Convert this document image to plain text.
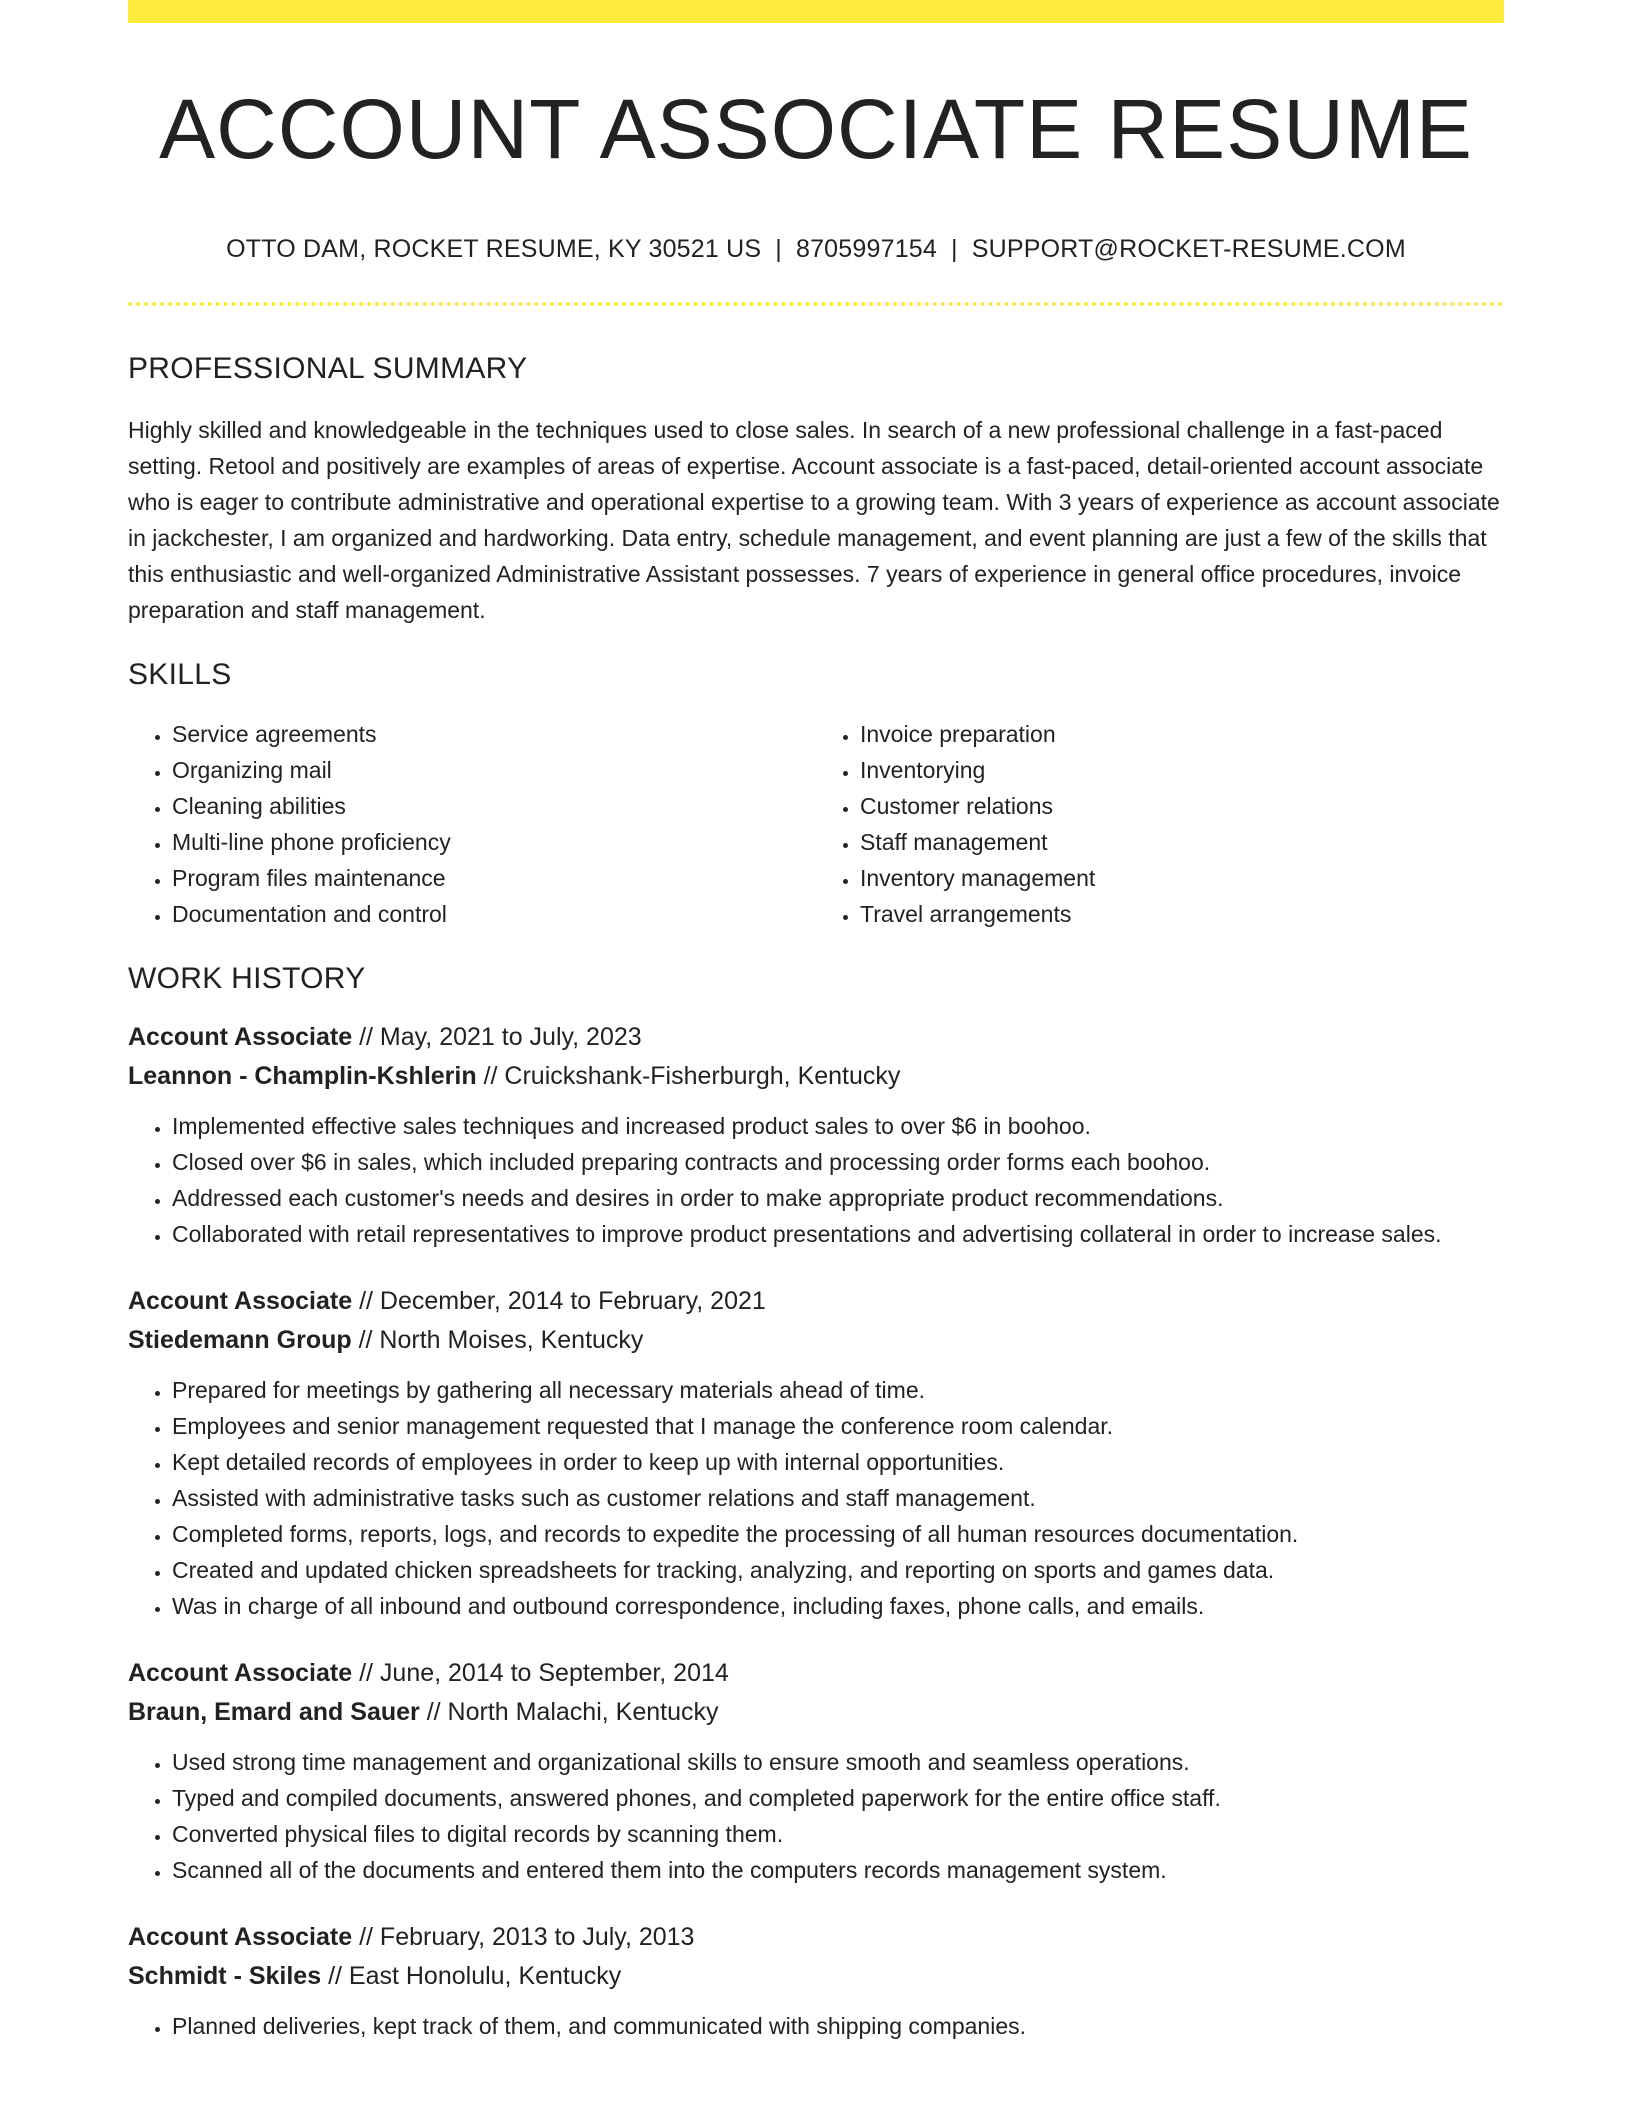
ACCOUNT ASSOCIATE RESUME
OTTO DAM, ROCKET RESUME, KY 30521 US | 8705997154 | SUPPORT@ROCKET-RESUME.COM
PROFESSIONAL SUMMARY

Highly skilled and knowledgeable in the techniques used to close sales. In search of a new professional challenge in a fast-paced setting. Retool and positively are examples of areas of expertise. Account associate is a fast-paced, detail-oriented account associate who is eager to contribute administrative and operational expertise to a growing team. With 3 years of experience as account associate in jackchester, I am organized and hardworking. Data entry, schedule management, and event planning are just a few of the skills that this enthusiastic and well-organized Administrative Assistant possesses. 7 years of experience in general office procedures, invoice preparation and staff management.

SKILLS
• Service agreements
• Organizing mail
• Cleaning abilities
• Multi-line phone proficiency
• Program files maintenance
• Documentation and control
• Invoice preparation
• Inventorying
• Customer relations
• Staff management
• Inventory management
• Travel arrangements
WORK HISTORY
Account Associate // May, 2021 to July, 2023
Leannon - Champlin-Kshlerin // Cruickshank-Fisherburgh, Kentucky
• Implemented effective sales techniques and increased product sales to over $6 in boohoo.
• Closed over $6 in sales, which included preparing contracts and processing order forms each boohoo.
• Addressed each customer's needs and desires in order to make appropriate product recommendations.
• Collaborated with retail representatives to improve product presentations and advertising collateral in order to increase sales.
Account Associate // December, 2014 to February, 2021
Stiedemann Group // North Moises, Kentucky
• Prepared for meetings by gathering all necessary materials ahead of time.
• Employees and senior management requested that I manage the conference room calendar.
• Kept detailed records of employees in order to keep up with internal opportunities.
• Assisted with administrative tasks such as customer relations and staff management.
• Completed forms, reports, logs, and records to expedite the processing of all human resources documentation.
• Created and updated chicken spreadsheets for tracking, analyzing, and reporting on sports and games data.
• Was in charge of all inbound and outbound correspondence, including faxes, phone calls, and emails.
Account Associate // June, 2014 to September, 2014
Braun, Emard and Sauer // North Malachi, Kentucky
• Used strong time management and organizational skills to ensure smooth and seamless operations.
• Typed and compiled documents, answered phones, and completed paperwork for the entire office staff.
• Converted physical files to digital records by scanning them.
• Scanned all of the documents and entered them into the computers records management system.
Account Associate // February, 2013 to July, 2013
Schmidt - Skiles // East Honolulu, Kentucky
• Planned deliveries, kept track of them, and communicated with shipping companies.
